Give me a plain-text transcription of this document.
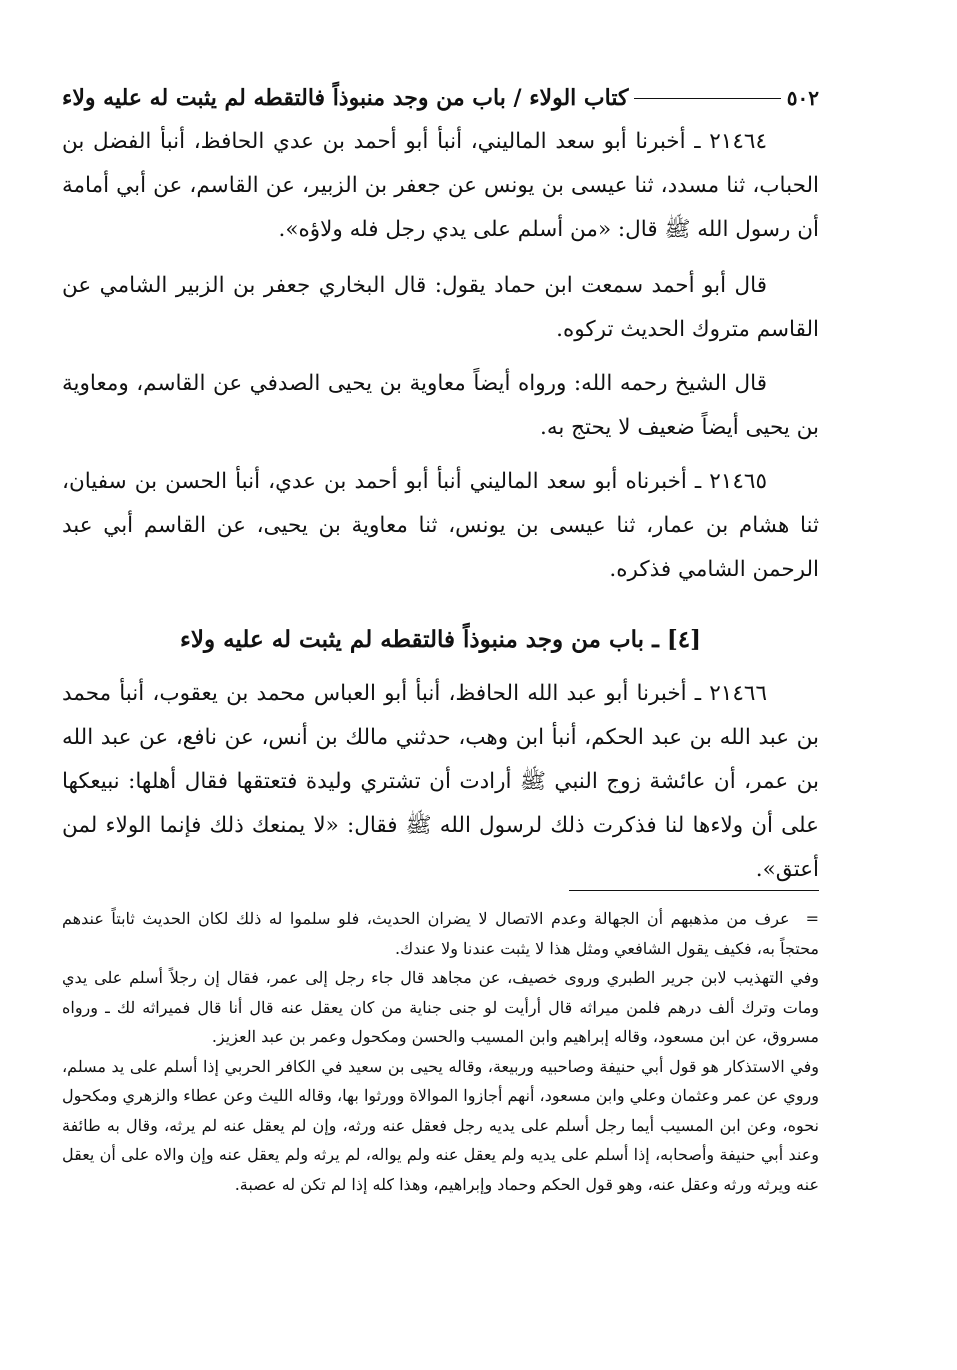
٥٠٢
كتاب الولاء / باب من وجد منبوذاً فالتقطه لم يثبت له عليه ولاء

٢١٤٦٤ ـ أخبرنا أبو سعد الماليني، أنبأ أبو أحمد بن عدي الحافظ، أنبأ الفضل بن الحباب، ثنا مسدد، ثنا عيسى بن يونس عن جعفر بن الزبير، عن القاسم، عن أبي أمامة أن رسول الله ﷺ قال: «من أسلم على يدي رجل فله ولاؤه».

قال أبو أحمد سمعت ابن حماد يقول: قال البخاري جعفر بن الزبير الشامي عن القاسم متروك الحديث تركوه.

قال الشيخ رحمه الله: ورواه أيضاً معاوية بن يحيى الصدفي عن القاسم، ومعاوية بن يحيى أيضاً ضعيف لا يحتج به.

٢١٤٦٥ ـ أخبرناه أبو سعد الماليني أنبأ أبو أحمد بن عدي، أنبأ الحسن بن سفيان، ثنا هشام بن عمار، ثنا عيسى بن يونس، ثنا معاوية بن يحيى، عن القاسم أبي عبد الرحمن الشامي فذكره.

[٤] ـ باب من وجد منبوذاً فالتقطه لم يثبت له عليه ولاء

٢١٤٦٦ ـ أخبرنا أبو عبد الله الحافظ، أنبأ أبو العباس محمد بن يعقوب، أنبأ محمد بن عبد الله بن عبد الحكم، أنبأ ابن وهب، حدثني مالك بن أنس، عن نافع، عن عبد الله بن عمر، أن عائشة زوج النبي ﷺ أرادت أن تشتري وليدة فتعتقها فقال أهلها: نبيعكها على أن ولاءها لنا فذكرت ذلك لرسول الله ﷺ فقال: «لا يمنعك ذلك فإنما الولاء لمن أعتق».

=عرف من مذهبهم أن الجهالة وعدم الاتصال لا يضران الحديث، فلو سلموا له ذلك لكان الحديث ثابتاً عندهم محتجاً به، فكيف يقول الشافعي ومثل هذا لا يثبت عندنا ولا عندك.

وفي التهذيب لابن جرير الطبري وروى خصيف، عن مجاهد قال جاء رجل إلى عمر، فقال إن رجلاً أسلم على يدي ومات وترك ألف درهم فلمن ميراثه قال أرأيت لو جنى جناية من كان يعقل عنه قال أنا قال فميراثه لك ـ ورواه مسروق، عن ابن مسعود، وقاله إبراهيم وابن المسيب والحسن ومكحول وعمر بن عبد العزيز.

وفي الاستذكار هو قول أبي حنيفة وصاحبيه وربيعة، وقاله يحيى بن سعيد في الكافر الحربي إذا أسلم على يد مسلم، وروي عن عمر وعثمان وعلي وابن مسعود، أنهم أجازوا الموالاة وورثوا بها، وقاله الليث وعن عطاء والزهري ومكحول نحوه، وعن ابن المسيب أيما رجل أسلم على يديه رجل فعقل عنه ورثه، وإن لم يعقل عنه لم يرثه، وقال به طائفة وعند أبي حنيفة وأصحابه، إذا أسلم على يديه ولم يعقل عنه ولم يواله، لم يرثه ولم يعقل عنه وإن والاه على أن يعقل عنه ويرثه ورثه وعقل عنه، وهو قول الحكم وحماد وإبراهيم، وهذا كله إذا لم تكن له عصبة.
